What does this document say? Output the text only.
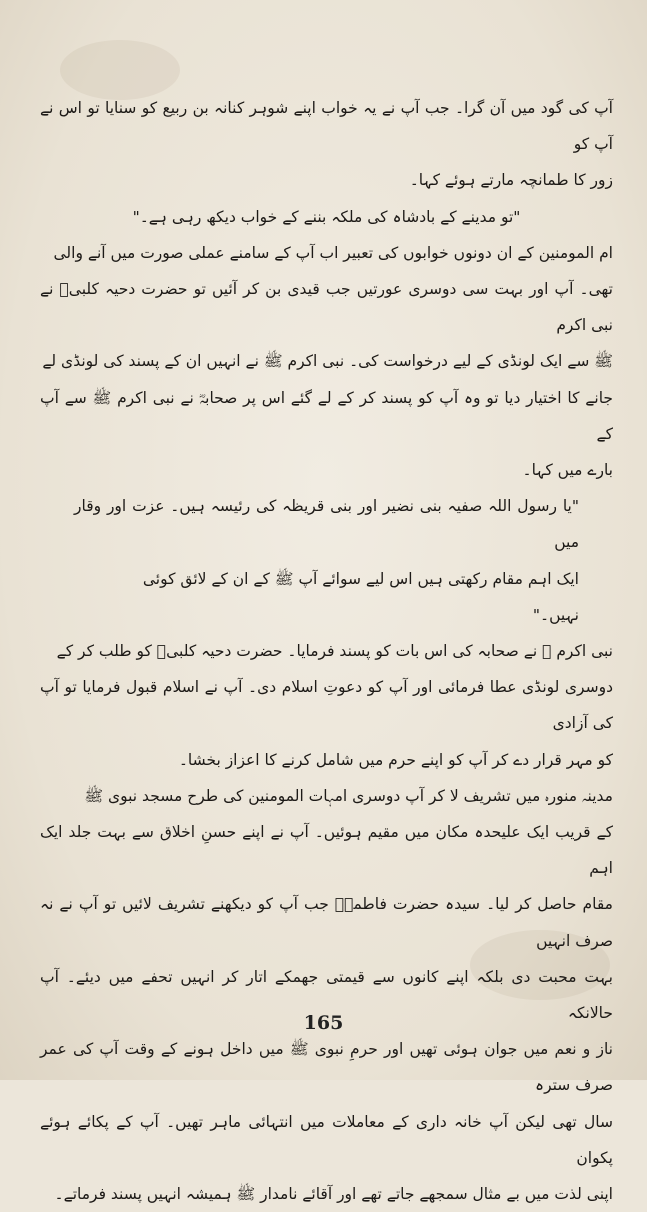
آپ کی گود میں آن گرا۔ جب آپ نے یہ خواب اپنے شوہر کنانہ بن ربیع کو سنایا تو اس نے آپ کو

زور کا طمانچہ مارتے ہوئے کہا۔

"تو مدینے کے بادشاہ کی ملکہ بننے کے خواب دیکھ رہی ہے۔"

ام المومنین کے ان دونوں خوابوں کی تعبیر اب آپ کے سامنے عملی صورت میں آنے والی

تھی۔ آپ اور بہت سی دوسری عورتیں جب قیدی بن کر آئیں تو حضرت دحیہ کلبیؓ نے نبی اکرم

ﷺ سے ایک لونڈی کے لیے درخواست کی۔ نبی اکرم ﷺ نے انہیں ان کے پسند کی لونڈی لے

جانے کا اختیار دیا تو وہ آپ کو پسند کر کے لے گئے اس پر صحابہؓ نے نبی اکرم ﷺ سے آپ کے

بارے میں کہا۔

"یا رسول اللہ صفیہ بنی نضیر اور بنی قریظہ کی رئیسہ ہیں۔ عزت اور وقار میں

ایک اہم مقام رکھتی ہیں اس لیے سوائے آپ ﷺ کے ان کے لائق کوئی

نہیں۔"

نبی اکرم ﷺ نے صحابہ کی اس بات کو پسند فرمایا۔ حضرت دحیہ کلبیؓ کو طلب کر کے

دوسری لونڈی عطا فرمائی اور آپ کو دعوتِ اسلام دی۔ آپ نے اسلام قبول فرمایا تو آپ کی آزادی

کو مہر قرار دے کر آپ کو اپنے حرم میں شامل کرنے کا اعزاز بخشا۔

مدینہ منورہ میں تشریف لا کر آپ دوسری امہات المومنین کی طرح مسجد نبوی ﷺ

کے قریب ایک علیحدہ مکان میں مقیم ہوئیں۔ آپ نے اپنے حسنِ اخلاق سے بہت جلد ایک اہم

مقام حاصل کر لیا۔ سیدہ حضرت فاطمہؓ جب آپ کو دیکھنے تشریف لائیں تو آپ نے نہ صرف انہیں

بہت محبت دی بلکہ اپنے کانوں سے قیمتی جھمکے اتار کر انہیں تحفے میں دیئے۔ آپ حالانکہ

ناز و نعم میں جوان ہوئی تھیں اور حرمِ نبوی ﷺ میں داخل ہونے کے وقت آپ کی عمر صرف سترہ

سال تھی لیکن آپ خانہ داری کے معاملات میں انتہائی ماہر تھیں۔ آپ کے پکائے ہوئے پکوان

اپنی لذت میں بے مثال سمجھے جاتے تھے اور آقائے نامدار ﷺ ہمیشہ انہیں پسند فرماتے۔

165
